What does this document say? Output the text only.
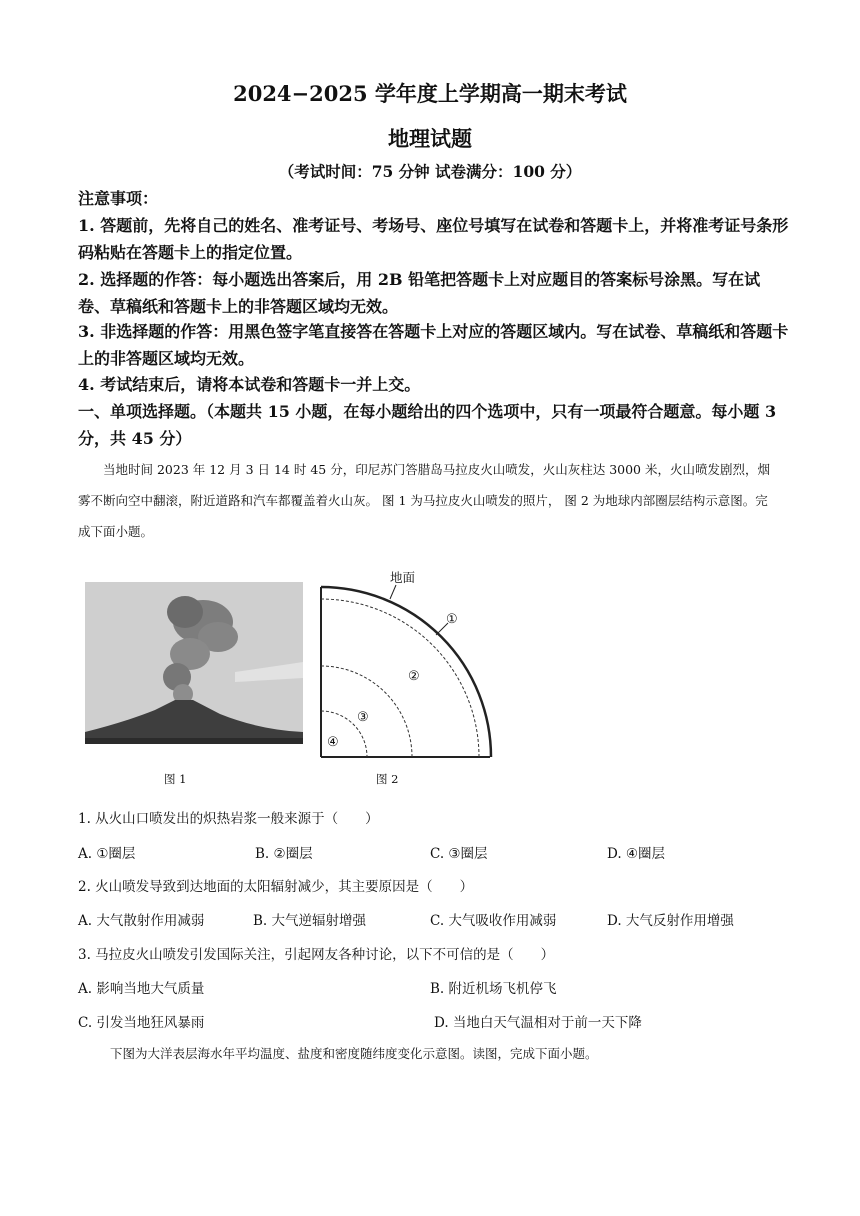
2024−2025 学年度上学期高一期末考试
地理试题
（考试时间：75 分钟 试卷满分：100 分）
注意事项：
1. 答题前，先将自己的姓名、准考证号、考场号、座位号填写在试卷和答题卡上，并将准考证号条形码粘贴在答题卡上的指定位置。
2. 选择题的作答：每小题选出答案后，用 2B 铅笔把答题卡上对应题目的答案标号涂黑。写在试卷、草稿纸和答题卡上的非答题区域均无效。
3. 非选择题的作答：用黑色签字笔直接答在答题卡上对应的答题区域内。写在试卷、草稿纸和答题卡上的非答题区域均无效。
4. 考试结束后，请将本试卷和答题卡一并上交。
一、单项选择题。（本题共 15 小题，在每小题给出的四个选项中，只有一项最符合题意。每小题 3 分，共 45 分）
当地时间 2023 年 12 月 3 日 14 时 45 分，印尼苏门答腊岛马拉皮火山喷发，火山灰柱达 3000 米，火山喷发剧烈，烟雾不断向空中翻滚，附近道路和汽车都覆盖着火山灰。 图 1 为马拉皮火山喷发的照片， 图 2 为地球内部圈层结构示意图。完成下面小题。
图 1
地面
①
②
③
④
图 2
1. 从火山口喷发出的炽热岩浆一般来源于（　　）
A. ①圈层	B. ②圈层	C. ③圈层	D. ④圈层
2. 火山喷发导致到达地面的太阳辐射减少，其主要原因是（　　）
A. 大气散射作用减弱	B. 大气逆辐射增强	C. 大气吸收作用减弱	D. 大气反射作用增强
3. 马拉皮火山喷发引发国际关注，引起网友各种讨论，以下不可信的是（　　）
A. 影响当地大气质量	B. 附近机场飞机停飞
C. 引发当地狂风暴雨	D. 当地白天气温相对于前一天下降
下图为大洋表层海水年平均温度、盐度和密度随纬度变化示意图。读图，完成下面小题。
